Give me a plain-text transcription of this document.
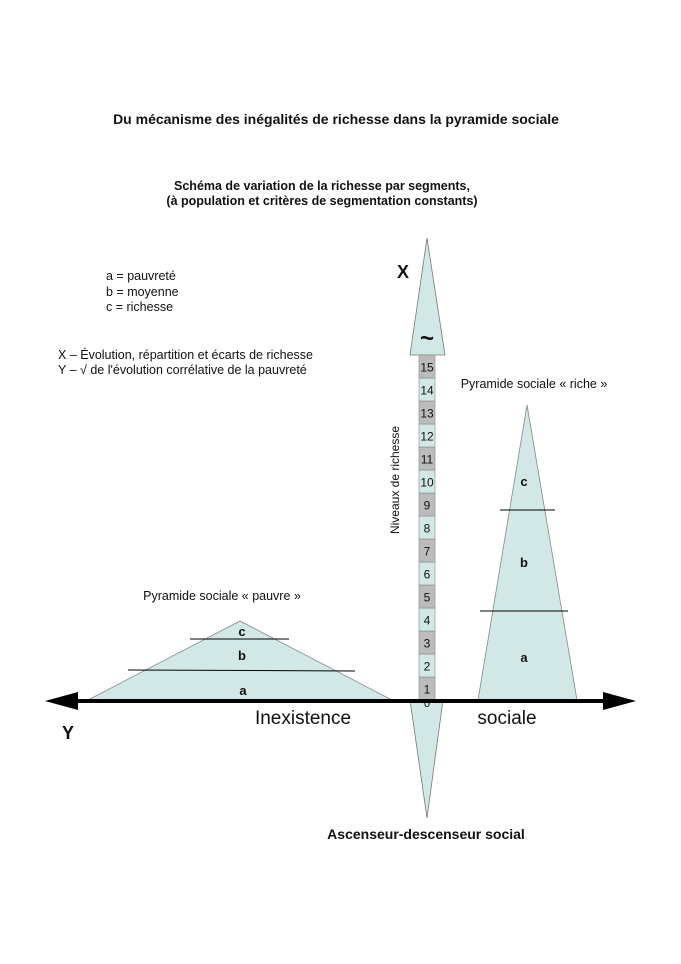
Du mécanisme des inégalités de richesse dans la pyramide sociale
Schéma de variation de la richesse par segments,
(à population et critères de segmentation constants)
a = pauvreté
b = moyenne
c = richesse
X – Évolution, répartition et écarts de richesse
Y – √ de l'évolution corrélative de la pauvreté
~
X
1
2
3
4
5
6
7
8
9
10
11
12
13
14
15
0
Niveaux de richesse
c
b
a
Pyramide sociale « pauvre »
c
b
a
Pyramide sociale « riche »
Y
Inexistence	sociale
Ascenseur-descenseur social
